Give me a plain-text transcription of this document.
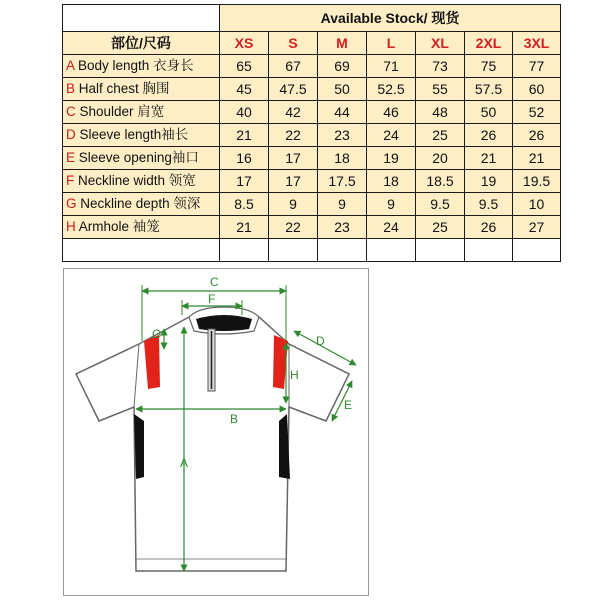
	Available Stock/ 现货						
部位/尺码	XS	S	M	L	XL	2XL	3XL
A Body length 衣身长	65	67	69	71	73	75	77
B Half chest 胸围	45	47.5	50	52.5	55	57.5	60
C Shoulder 肩宽	40	42	44	46	48	50	52
D Sleeve length袖长	21	22	23	24	25	26	26
E Sleeve opening袖口	16	17	18	19	20	21	21
F Neckline width 领宽	17	17	17.5	18	18.5	19	19.5
G Neckline depth 领深	8.5	9	9	9	9.5	9.5	10
H Armhole 袖笼	21	22	23	24	25	26	27

C
F
G
B
A
H
D
E
